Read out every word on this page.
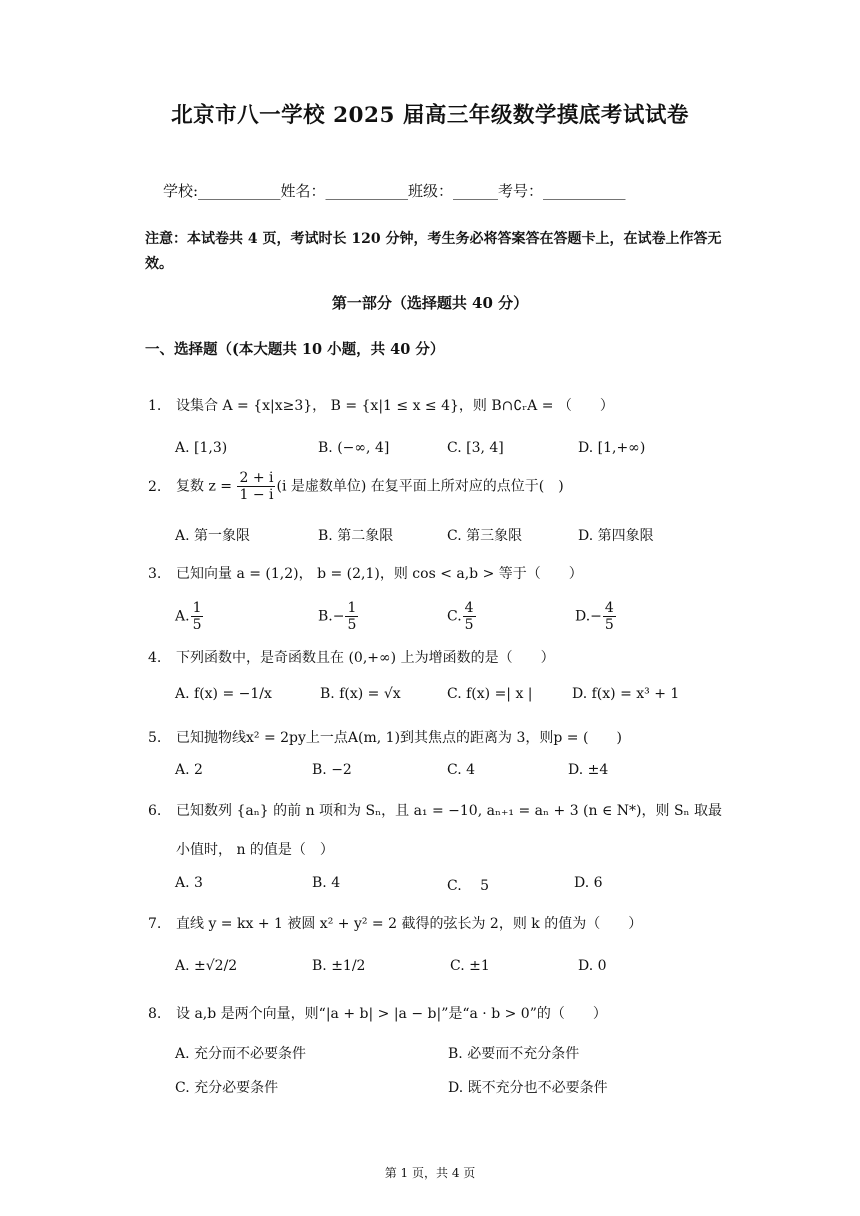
北京市八一学校 2025 届高三年级数学摸底考试试卷
学校:___________姓名：___________班级：______考号：___________
注意：本试卷共 4 页，考试时长 120 分钟，考生务必将答案答在答题卡上，在试卷上作答无效。
第一部分（选择题共 40 分）
一、选择题（(本大题共 10 小题，共 40 分）
1. 设集合 A = {x|x≥3}， B = {x|1 ≤ x ≤ 4}，则 B∩∁ᵣA = （　　）
A. [1,3)	B. (−∞, 4]	C. [3, 4]	D. [1,+∞)
2. 复数 $z = \frac{2 + i}{1 - i} (i$ 是虚数单位) 在复平面上所对应的点位于(　)
A. 第一象限	B. 第二象限	C. 第三象限	D. 第四象限
3. 已知向量 a = (1,2)， b = (2,1)，则 cos < a,b > 等于（　　）
A. $\frac{1}{5}$	$B.- \frac{1}{5}$	C. $\frac{4}{5}$	$D.- \frac{4}{5}$
4. 下列函数中，是奇函数且在 (0,+∞) 上为增函数的是（　　）
A. f(x) = −1/x	B. f(x) = √x	C. f(x) =| x |	D. f(x) = x³ + 1
5. 已知抛物线x² = 2py上一点A(m, 1)到其焦点的距离为 3，则p = (　　)
A. 2	B. −2	C. 4	D. ±4
6. 已知数列 {aₙ} 的前 n 项和为 Sₙ，且 a₁ = −10, aₙ₊₁ = aₙ + 3 (n ∈ N*)，则 Sₙ 取最
小值时， n 的值是（　）
A. 3	B. 4	C. 　5	D. 6
7. 直线 y = kx + 1 被圆 x² + y² = 2 截得的弦长为 2，则 k 的值为（　　）
A. ±√2/2	B. ±1/2	C. ±1	D. 0
8. 设 a,b 是两个向量，则“|a + b| > |a − b|”是“a · b > 0”的（　　）
A. 充分而不必要条件	B. 必要而不充分条件
C. 充分必要条件	D. 既不充分也不必要条件
第 1 页，共 4 页
